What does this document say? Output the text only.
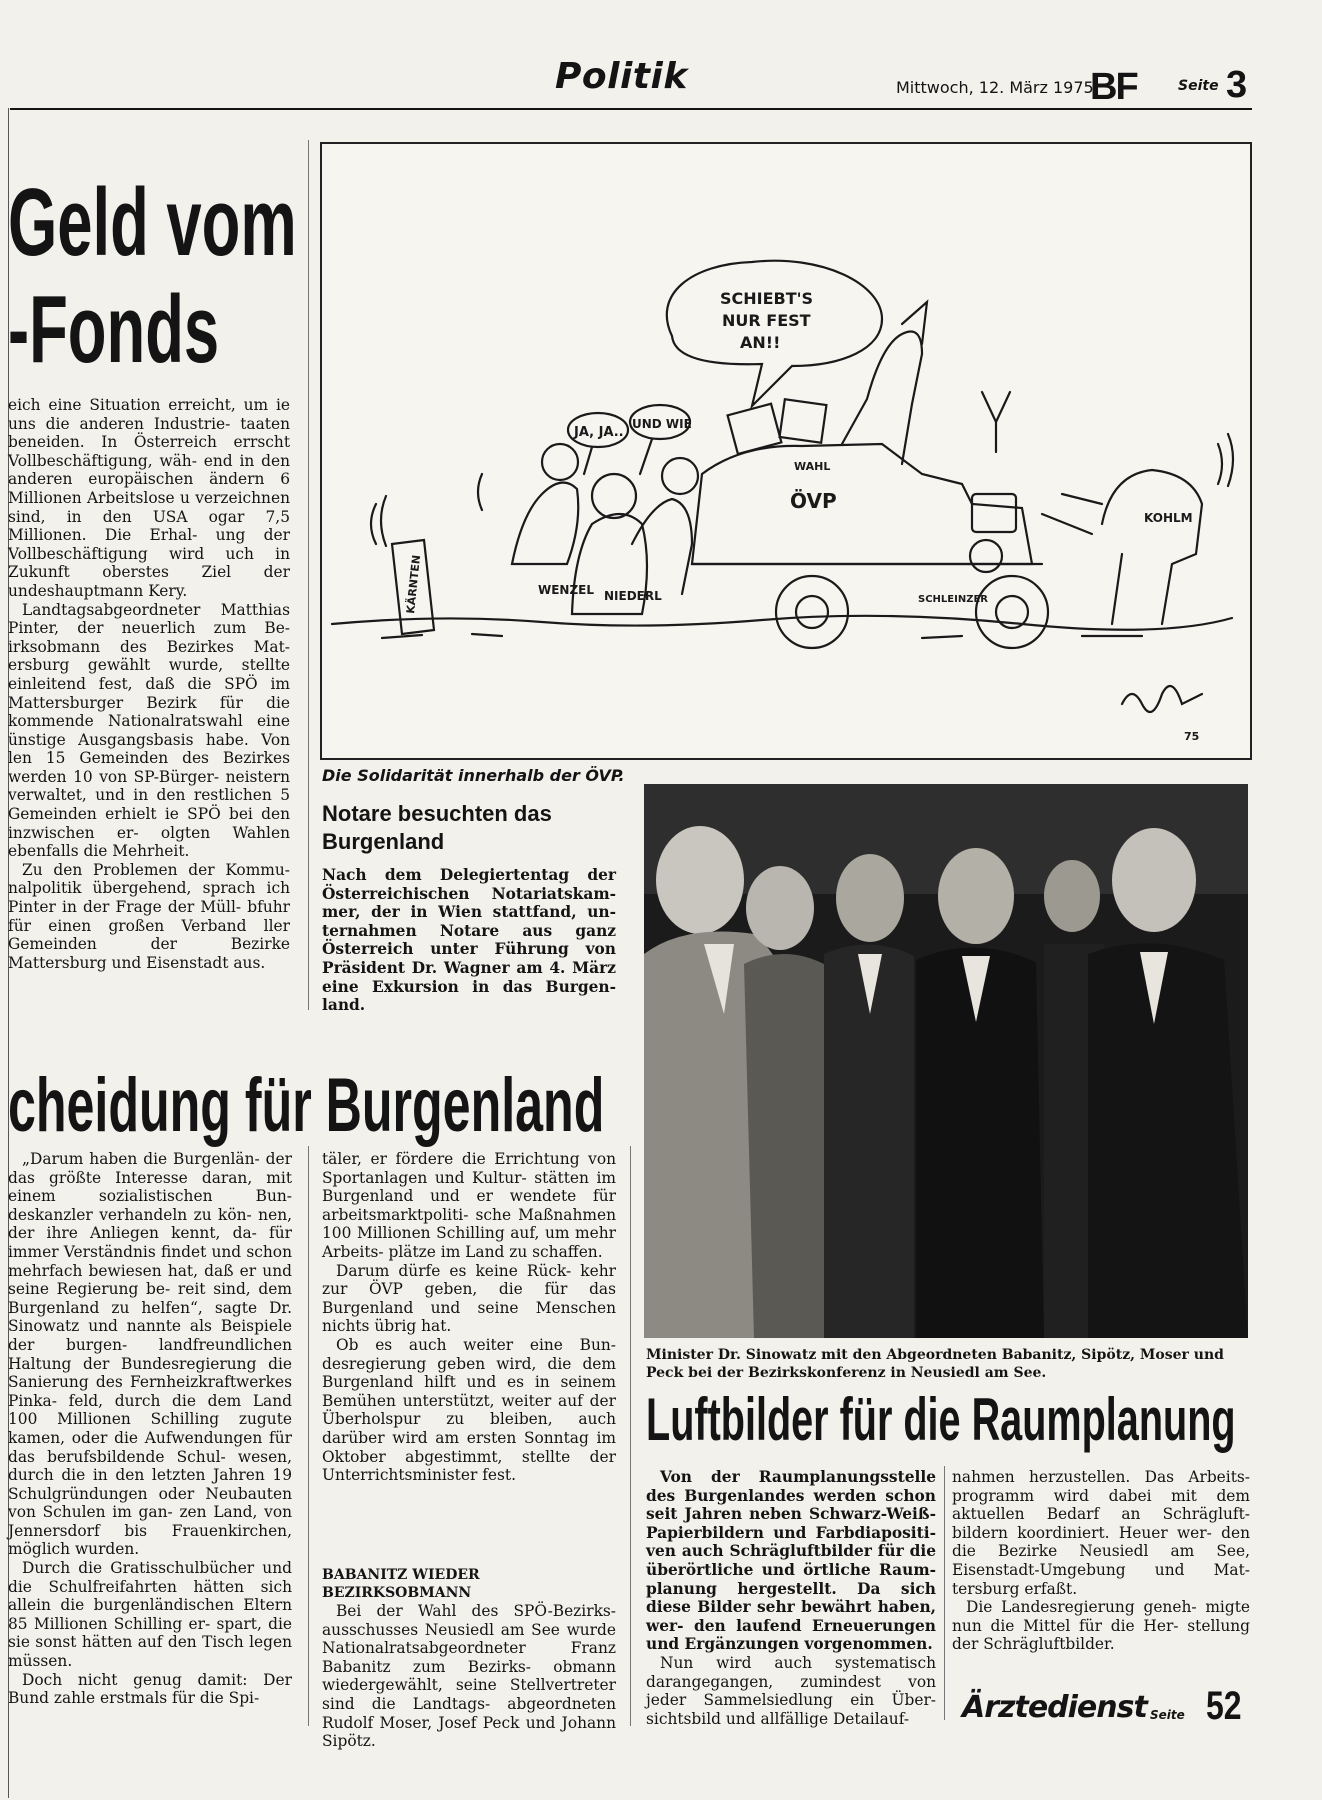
Politik	Mittwoch, 12. März 1975
BF	Seite 3
Geld vom
-Fonds

eich eine Situation erreicht, um ie uns die anderen Industrie- taaten beneiden. In Österreich errscht Vollbeschäftigung, wäh- end in den anderen europäischen ändern 6 Millionen Arbeitslose u verzeichnen sind, in den USA ogar 7,5 Millionen. Die Erhal- ung der Vollbeschäftigung wird uch in Zukunft oberstes Ziel der undeshauptmann Kery.

Landtagsabgeordneter Matthias Pinter, der neuerlich zum Be- irksobmann des Bezirkes Mat- ersburg gewählt wurde, stellte einleitend fest, daß die SPÖ im Mattersburger Bezirk für die kommende Nationalratswahl eine ünstige Ausgangsbasis habe. Von len 15 Gemeinden des Bezirkes werden 10 von SP-Bürger- neistern verwaltet, und in den restlichen 5 Gemeinden erhielt ie SPÖ bei den inzwischen er- olgten Wahlen ebenfalls die Mehrheit.

Zu den Problemen der Kommu- nalpolitik übergehend, sprach ich Pinter in der Frage der Müll- bfuhr für einen großen Verband ller Gemeinden der Bezirke Mattersburg und Eisenstadt aus.

SCHIEBT'S
NUR FEST
AN!!
JA, JA..
UND WIE
WAHL
ÖVP
KÄRNTEN	WENZEL NIEDERL	SCHLEINZER
KOHLM
75
Die Solidarität innerhalb der ÖVP.
Notare besuchten das Burgenland

Nach dem Delegiertentag der Österreichischen Notariatskam- mer, der in Wien stattfand, un- ternahmen Notare aus ganz Österreich unter Führung von Präsident Dr. Wagner am 4. März eine Exkursion in das Burgen- land.

Minister Dr. Sinowatz mit den Abgeordneten Babanitz, Sipötz, Moser und Peck bei der Bezirkskonferenz in Neusiedl am See.
cheidung für Burgenland

„Darum haben die Burgenlän- der das größte Interesse daran, mit einem sozialistischen Bun- deskanzler verhandeln zu kön- nen, der ihre Anliegen kennt, da- für immer Verständnis findet und schon mehrfach bewiesen hat, daß er und seine Regierung be- reit sind, dem Burgenland zu helfen“, sagte Dr. Sinowatz und nannte als Beispiele der burgen- landfreundlichen Haltung der Bundesregierung die Sanierung des Fernheizkraftwerkes Pinka- feld, durch die dem Land 100 Millionen Schilling zugute kamen, oder die Aufwendungen für das berufsbildende Schul- wesen, durch die in den letzten Jahren 19 Schulgründungen oder Neubauten von Schulen im gan- zen Land, von Jennersdorf bis Frauenkirchen, möglich wurden.

Durch die Gratisschulbücher und die Schulfreifahrten hätten sich allein die burgenländischen Eltern 85 Millionen Schilling er- spart, die sie sonst hätten auf den Tisch legen müssen.

Doch nicht genug damit: Der Bund zahle erstmals für die Spi-

täler, er fördere die Errichtung von Sportanlagen und Kultur- stätten im Burgenland und er wendete für arbeitsmarktpoliti- sche Maßnahmen 100 Millionen Schilling auf, um mehr Arbeits- plätze im Land zu schaffen.

Darum dürfe es keine Rück- kehr zur ÖVP geben, die für das Burgenland und seine Menschen nichts übrig hat.

Ob es auch weiter eine Bun- desregierung geben wird, die dem Burgenland hilft und es in seinem Bemühen unterstützt, weiter auf der Überholspur zu bleiben, auch darüber wird am ersten Sonntag im Oktober abgestimmt, stellte der Unterrichtsminister fest.

BABANITZ WIEDER BEZIRKSOBMANN

Bei der Wahl des SPÖ-Bezirks- ausschusses Neusiedl am See wurde Nationalratsabgeordneter Franz Babanitz zum Bezirks- obmann wiedergewählt, seine Stellvertreter sind die Landtags- abgeordneten Rudolf Moser, Josef Peck und Johann Sipötz.

Luftbilder für die Raumplanung

Von der Raumplanungsstelle des Burgenlandes werden schon seit Jahren neben Schwarz-Weiß- Papierbildern und Farbdiapositi- ven auch Schrägluftbilder für die überörtliche und örtliche Raum- planung hergestellt. Da sich diese Bilder sehr bewährt haben, wer- den laufend Erneuerungen und Ergänzungen vorgenommen.

Nun wird auch systematisch darangegangen, zumindest von jeder Sammelsiedlung ein Über- sichtsbild und allfällige Detailauf-

nahmen herzustellen. Das Arbeits- programm wird dabei mit dem aktuellen Bedarf an Schrägluft- bildern koordiniert. Heuer wer- den die Bezirke Neusiedl am See, Eisenstadt-Umgebung und Mat- tersburg erfaßt.

Die Landesregierung geneh- migte nun die Mittel für die Her- stellung der Schrägluftbilder.

Ärztedienst Seite 52
